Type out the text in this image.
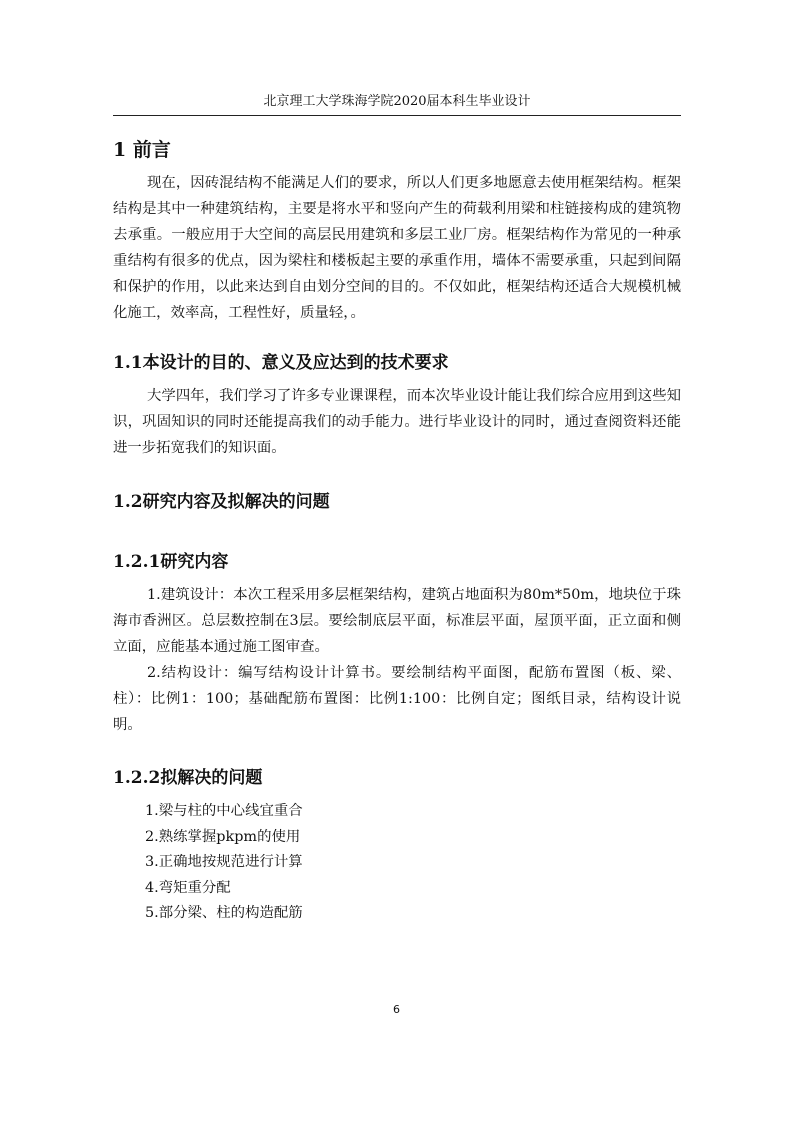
北京理工大学珠海学院2020届本科生毕业设计
1 前言

现在，因砖混结构不能满足人们的要求，所以人们更多地愿意去使用框架结构。框架结构是其中一种建筑结构，主要是将水平和竖向产生的荷载利用梁和柱链接构成的建筑物去承重。一般应用于大空间的高层民用建筑和多层工业厂房。框架结构作为常见的一种承重结构有很多的优点，因为梁柱和楼板起主要的承重作用，墙体不需要承重，只起到间隔和保护的作用，以此来达到自由划分空间的目的。不仅如此，框架结构还适合大规模机械化施工，效率高，工程性好，质量轻，。

1.1本设计的目的、意义及应达到的技术要求

大学四年，我们学习了许多专业课课程，而本次毕业设计能让我们综合应用到这些知识，巩固知识的同时还能提高我们的动手能力。进行毕业设计的同时，通过查阅资料还能进一步拓宽我们的知识面。

1.2研究内容及拟解决的问题
1.2.1研究内容

1.建筑设计：本次工程采用多层框架结构，建筑占地面积为80m*50m，地块位于珠海市香洲区。总层数控制在3层。要绘制底层平面，标准层平面，屋顶平面，正立面和侧立面，应能基本通过施工图审查。

2.结构设计：编写结构设计计算书。要绘制结构平面图，配筋布置图（板、梁、柱）：比例1：100；基础配筋布置图：比例1:100：比例自定；图纸目录，结构设计说明。

1.2.2拟解决的问题
1.梁与柱的中心线宜重合
2.熟练掌握pkpm的使用
3.正确地按规范进行计算
4.弯矩重分配
5.部分梁、柱的构造配筋
6
